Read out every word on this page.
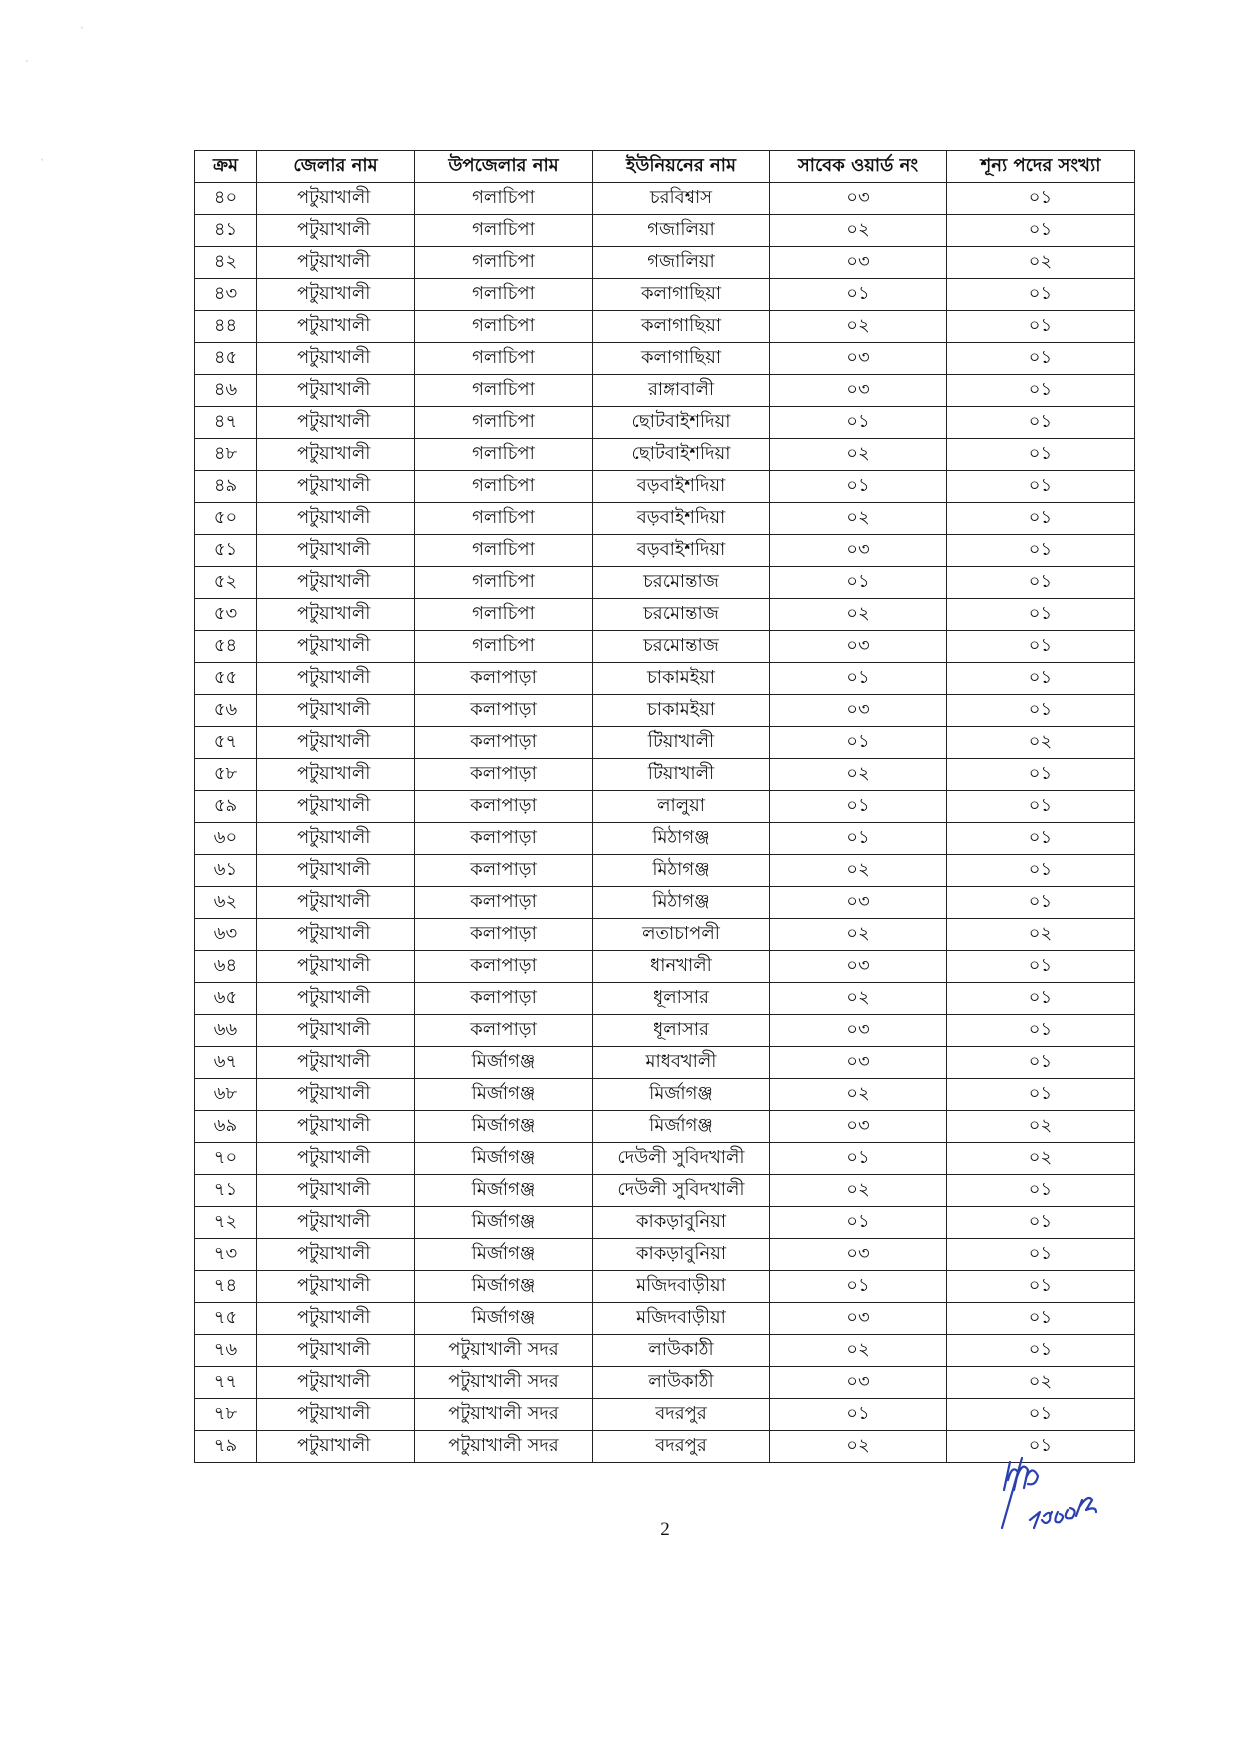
ˎ
ˋ
ˎ	ক্রম	জেলার নাম	উপজেলার নাম	ইউনিয়নের নাম	সাবেক ওয়ার্ড নং	শূন্য পদের সংখ্যা
৪০	পটুয়াখালী	গলাচিপা	চরবিশ্বাস	০৩	০১
৪১	পটুয়াখালী	গলাচিপা	গজালিয়া	০২	০১
৪২	পটুয়াখালী	গলাচিপা	গজালিয়া	০৩	০২
৪৩	পটুয়াখালী	গলাচিপা	কলাগাছিয়া	০১	০১
৪৪	পটুয়াখালী	গলাচিপা	কলাগাছিয়া	০২	০১
৪৫	পটুয়াখালী	গলাচিপা	কলাগাছিয়া	০৩	০১
৪৬	পটুয়াখালী	গলাচিপা	রাঙ্গাবালী	০৩	০১
৪৭	পটুয়াখালী	গলাচিপা	ছোটবাইশদিয়া	০১	০১
৪৮	পটুয়াখালী	গলাচিপা	ছোটবাইশদিয়া	০২	০১
৪৯	পটুয়াখালী	গলাচিপা	বড়বাইশদিয়া	০১	০১
৫০	পটুয়াখালী	গলাচিপা	বড়বাইশদিয়া	০২	০১
৫১	পটুয়াখালী	গলাচিপা	বড়বাইশদিয়া	০৩	০১
৫২	পটুয়াখালী	গলাচিপা	চরমোন্তাজ	০১	০১
৫৩	পটুয়াখালী	গলাচিপা	চরমোন্তাজ	০২	০১
৫৪	পটুয়াখালী	গলাচিপা	চরমোন্তাজ	০৩	০১
৫৫	পটুয়াখালী	কলাপাড়া	চাকামইয়া	০১	০১
৫৬	পটুয়াখালী	কলাপাড়া	চাকামইয়া	০৩	০১
৫৭	পটুয়াখালী	কলাপাড়া	টিয়াখালী	০১	০২
৫৮	পটুয়াখালী	কলাপাড়া	টিয়াখালী	০২	০১
৫৯	পটুয়াখালী	কলাপাড়া	লালুয়া	০১	০১
৬০	পটুয়াখালী	কলাপাড়া	মিঠাগঞ্জ	০১	০১
৬১	পটুয়াখালী	কলাপাড়া	মিঠাগঞ্জ	০২	০১
৬২	পটুয়াখালী	কলাপাড়া	মিঠাগঞ্জ	০৩	০১
৬৩	পটুয়াখালী	কলাপাড়া	লতাচাপলী	০২	০২
৬৪	পটুয়াখালী	কলাপাড়া	ধানখালী	০৩	০১
৬৫	পটুয়াখালী	কলাপাড়া	ধূলাসার	০২	০১
৬৬	পটুয়াখালী	কলাপাড়া	ধূলাসার	০৩	০১
৬৭	পটুয়াখালী	মির্জাগঞ্জ	মাধবখালী	০৩	০১
৬৮	পটুয়াখালী	মির্জাগঞ্জ	মির্জাগঞ্জ	০২	০১
৬৯	পটুয়াখালী	মির্জাগঞ্জ	মির্জাগঞ্জ	০৩	০২
৭০	পটুয়াখালী	মির্জাগঞ্জ	দেউলী সুবিদখালী	০১	০২
৭১	পটুয়াখালী	মির্জাগঞ্জ	দেউলী সুবিদখালী	০২	০১
৭২	পটুয়াখালী	মির্জাগঞ্জ	কাকড়াবুনিয়া	০১	০১
৭৩	পটুয়াখালী	মির্জাগঞ্জ	কাকড়াবুনিয়া	০৩	০১
৭৪	পটুয়াখালী	মির্জাগঞ্জ	মজিদবাড়ীয়া	০১	০১
৭৫	পটুয়াখালী	মির্জাগঞ্জ	মজিদবাড়ীয়া	০৩	০১
৭৬	পটুয়াখালী	পটুয়াখালী সদর	লাউকাঠী	০২	০১
৭৭	পটুয়াখালী	পটুয়াখালী সদর	লাউকাঠী	০৩	০২
৭৮	পটুয়াখালী	পটুয়াখালী সদর	বদরপুর	০১	০১
৭৯	পটুয়াখালী	পটুয়াখালী সদর	বদরপুর	০২	০১
2
